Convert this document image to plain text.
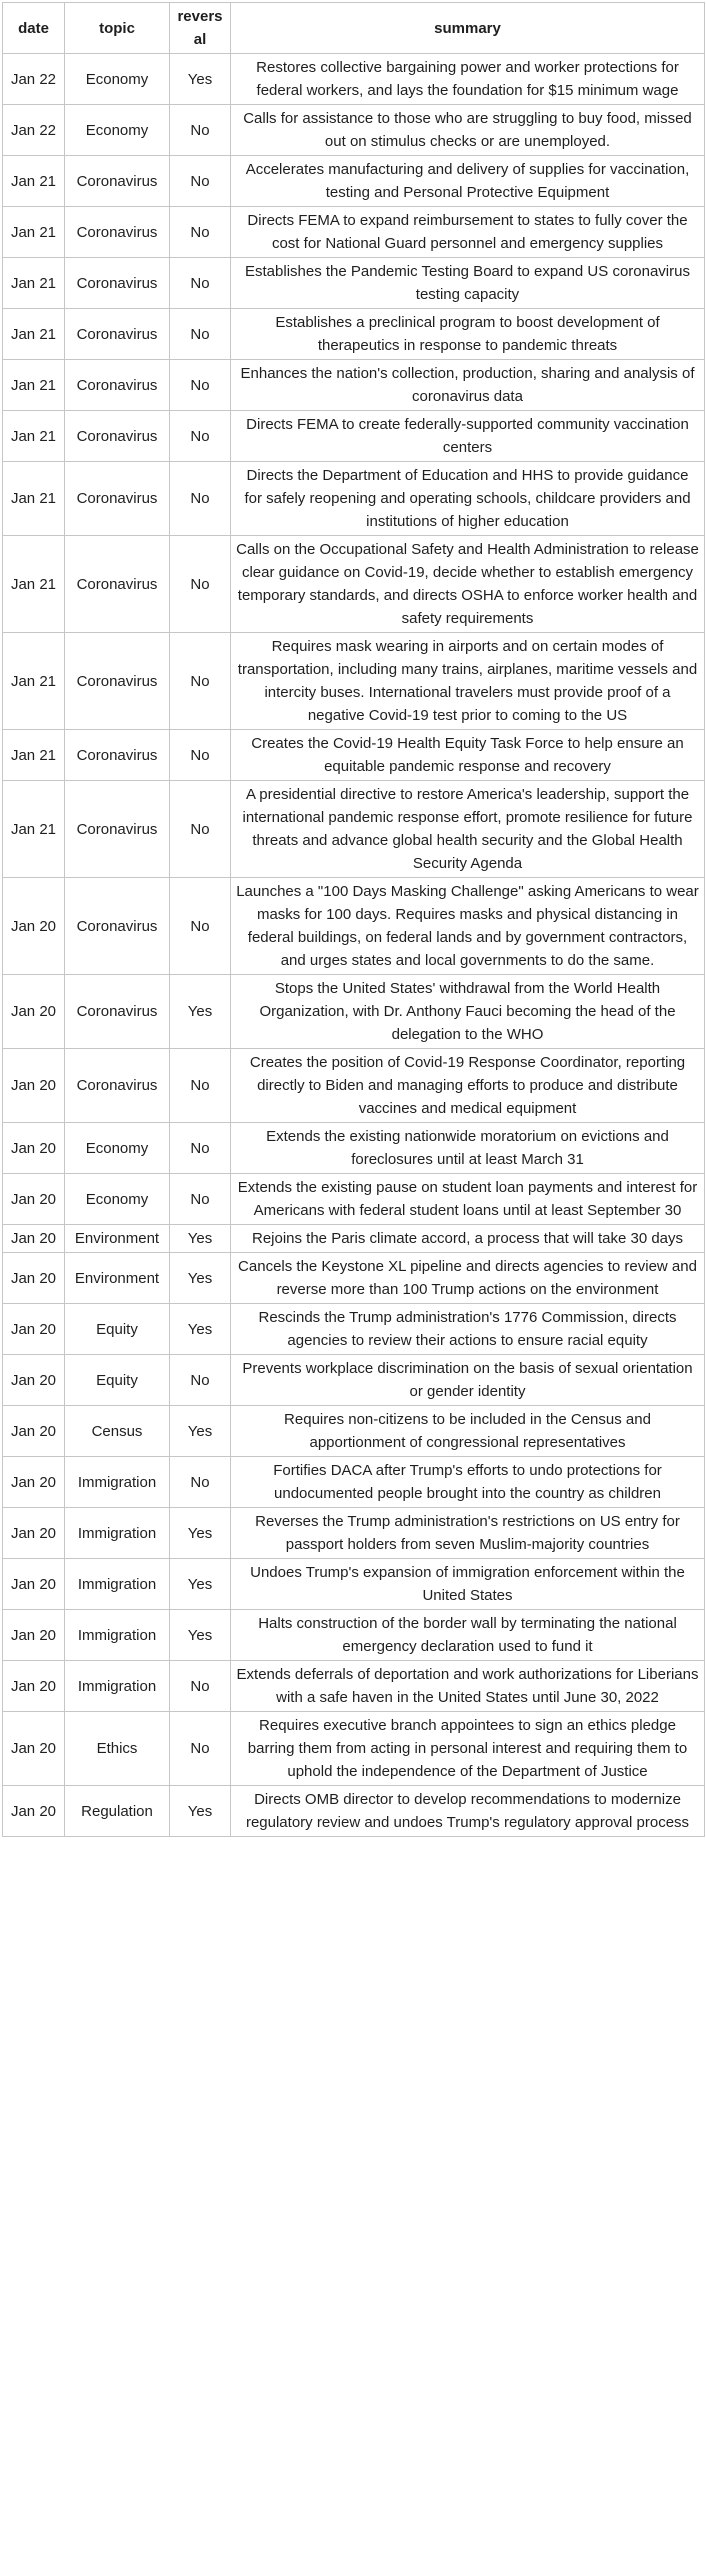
date	topic	reversal	summary
Jan 22	Economy	Yes	Restores collective bargaining power and worker protections for federal workers, and lays the foundation for $15 minimum wage
Jan 22	Economy	No	Calls for assistance to those who are struggling to buy food, missed out on stimulus checks or are unemployed.
Jan 21	Coronavirus	No	Accelerates manufacturing and delivery of supplies for vaccination, testing and Personal Protective Equipment
Jan 21	Coronavirus	No	Directs FEMA to expand reimbursement to states to fully cover the cost for National Guard personnel and emergency supplies
Jan 21	Coronavirus	No	Establishes the Pandemic Testing Board to expand US coronavirus testing capacity
Jan 21	Coronavirus	No	Establishes a preclinical program to boost development of therapeutics in response to pandemic threats
Jan 21	Coronavirus	No	Enhances the nation's collection, production, sharing and analysis of coronavirus data
Jan 21	Coronavirus	No	Directs FEMA to create federally-supported community vaccination centers
Jan 21	Coronavirus	No	Directs the Department of Education and HHS to provide guidance for safely reopening and operating schools, childcare providers and institutions of higher education
Jan 21	Coronavirus	No	Calls on the Occupational Safety and Health Administration to release clear guidance on Covid-19, decide whether to establish emergency temporary standards, and directs OSHA to enforce worker health and safety requirements
Jan 21	Coronavirus	No	Requires mask wearing in airports and on certain modes of transportation, including many trains, airplanes, maritime vessels and intercity buses. International travelers must provide proof of a negative Covid-19 test prior to coming to the US
Jan 21	Coronavirus	No	Creates the Covid-19 Health Equity Task Force to help ensure an equitable pandemic response and recovery
Jan 21	Coronavirus	No	A presidential directive to restore America's leadership, support the international pandemic response effort, promote resilience for future threats and advance global health security and the Global Health Security Agenda
Jan 20	Coronavirus	No	Launches a "100 Days Masking Challenge" asking Americans to wear masks for 100 days. Requires masks and physical distancing in federal buildings, on federal lands and by government contractors, and urges states and local governments to do the same.
Jan 20	Coronavirus	Yes	Stops the United States' withdrawal from the World Health Organization, with Dr. Anthony Fauci becoming the head of the delegation to the WHO
Jan 20	Coronavirus	No	Creates the position of Covid-19 Response Coordinator, reporting directly to Biden and managing efforts to produce and distribute vaccines and medical equipment
Jan 20	Economy	No	Extends the existing nationwide moratorium on evictions and foreclosures until at least March 31
Jan 20	Economy	No	Extends the existing pause on student loan payments and interest for Americans with federal student loans until at least September 30
Jan 20	Environment	Yes	Rejoins the Paris climate accord, a process that will take 30 days
Jan 20	Environment	Yes	Cancels the Keystone XL pipeline and directs agencies to review and reverse more than 100 Trump actions on the environment
Jan 20	Equity	Yes	Rescinds the Trump administration's 1776 Commission, directs agencies to review their actions to ensure racial equity
Jan 20	Equity	No	Prevents workplace discrimination on the basis of sexual orientation or gender identity
Jan 20	Census	Yes	Requires non-citizens to be included in the Census and apportionment of congressional representatives
Jan 20	Immigration	No	Fortifies DACA after Trump's efforts to undo protections for undocumented people brought into the country as children
Jan 20	Immigration	Yes	Reverses the Trump administration's restrictions on US entry for passport holders from seven Muslim-majority countries
Jan 20	Immigration	Yes	Undoes Trump's expansion of immigration enforcement within the United States
Jan 20	Immigration	Yes	Halts construction of the border wall by terminating the national emergency declaration used to fund it
Jan 20	Immigration	No	Extends deferrals of deportation and work authorizations for Liberians with a safe haven in the United States until June 30, 2022
Jan 20	Ethics	No	Requires executive branch appointees to sign an ethics pledge barring them from acting in personal interest and requiring them to uphold the independence of the Department of Justice
Jan 20	Regulation	Yes	Directs OMB director to develop recommendations to modernize regulatory review and undoes Trump's regulatory approval process
